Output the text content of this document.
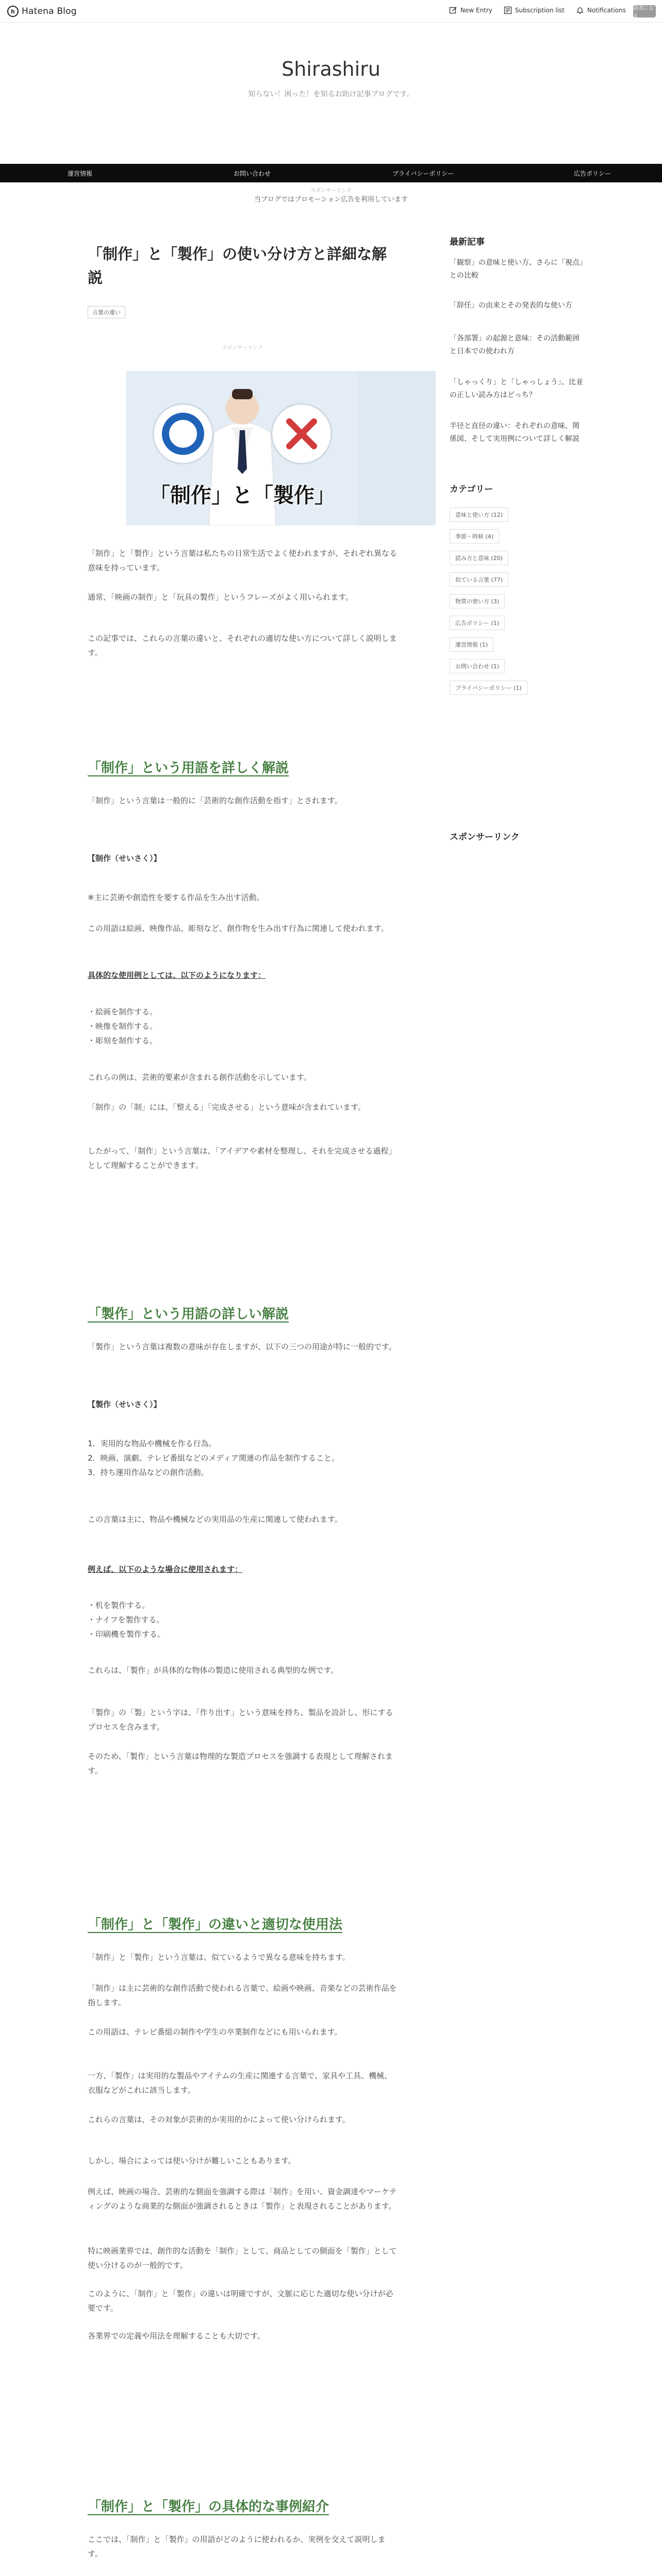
h Hatena Blog	New Entry	Subscription list	Notifications 読者になる
Shirashiru
知らない！困った！を知るお助け記事ブログです。
運営情報	お問い合わせ	プライバシーポリシー	広告ポリシー
スポンサーリンク
当ブログではプロモーション広告を利用しています
「制作」と「製作」の使い分け方と詳細な解説
言葉の違い
スポンサーリンク
「制作」と「製作」

「制作」と「製作」という言葉は私たちの日常生活でよく使われますが、それぞれ異なる意味を持っています。

通常、「映画の制作」と「玩具の製作」というフレーズがよく用いられます。

この記事では、これらの言葉の違いと、それぞれの適切な使い方について詳しく説明します。

「制作」という用語を詳しく解説

「制作」という言葉は一般的に「芸術的な創作活動を指す」とされます。

【制作（せいさく）】

※主に芸術や創造性を要する作品を生み出す活動。

この用語は絵画、映像作品、彫刻など、創作物を生み出す行為に関連して使われます。

具体的な使用例としては、以下のようになります：

・絵画を制作する。
・映像を制作する。
・彫刻を制作する。

これらの例は、芸術的要素が含まれる創作活動を示しています。

「制作」の「制」には、「整える」「完成させる」という意味が含まれています。

したがって、「制作」という言葉は、「アイデアや素材を整理し、それを完成させる過程」として理解することができます。

「製作」という用語の詳しい解説

「製作」という言葉は複数の意味が存在しますが、以下の三つの用途が特に一般的です。

【製作（せいさく）】

1．実用的な物品や機械を作る行為。
2．映画、演劇、テレビ番組などのメディア関連の作品を制作すること。
3．持ち運用作品などの創作活動。

この言葉は主に、物品や機械などの実用品の生産に関連して使われます。

例えば、以下のような場合に使用されます：

・机を製作する。
・ナイフを製作する。
・印刷機を製作する。

これらは、「製作」が具体的な物体の製造に使用される典型的な例です。

「製作」の「製」という字は、「作り出す」という意味を持ち、製品を設計し、形にするプロセスを含みます。

そのため、「製作」という言葉は物理的な製造プロセスを強調する表現として理解されます。

「制作」と「製作」の違いと適切な使用法

「制作」と「製作」という言葉は、似ているようで異なる意味を持ちます。

「制作」は主に芸術的な創作活動で使われる言葉で、絵画や映画、音楽などの芸術作品を指します。

この用語は、テレビ番組の制作や学生の卒業制作などにも用いられます。

一方、「製作」は実用的な製品やアイテムの生産に関連する言葉で、家具や工具、機械、衣服などがこれに該当します。

これらの言葉は、その対象が芸術的か実用的かによって使い分けられます。

しかし、場合によっては使い分けが難しいこともあります。

例えば、映画の場合、芸術的な側面を強調する際は「制作」を用い、資金調達やマーケティングのような商業的な側面が強調されるときは「製作」と表現されることがあります。

特に映画業界では、創作的な活動を「制作」として、商品としての側面を「製作」として使い分けるのが一般的です。

このように、「制作」と「製作」の違いは明確ですが、文脈に応じた適切な使い分けが必要です。

各業界での定義や用法を理解することも大切です。

「制作」と「製作」の具体的な事例紹介

ここでは、「制作」と「製作」の用語がどのように使われるか、実例を交えて説明します。

最新記事
「観察」の意味と使い方、さらに「視点」との比較
「辞任」の由来とその発表的な使い方
「各部署」の起源と意味：その活動範囲と日本での使われ方
「しゃっくり」と「しゃっしょう」、比並の正しい読み方はどっち？
半径と直径の違い：それぞれの意味、関係図、そして実用例について詳しく解説
カテゴリー
意味と使い方 (12)
季節・時候 (4)
読み方と意味 (20)
似ている言葉 (77)
物質の使い方 (3)
広告ポリシー (1)
運営情報 (1)
お問い合わせ (1)
プライバシーポリシー (1)
スポンサーリンク
